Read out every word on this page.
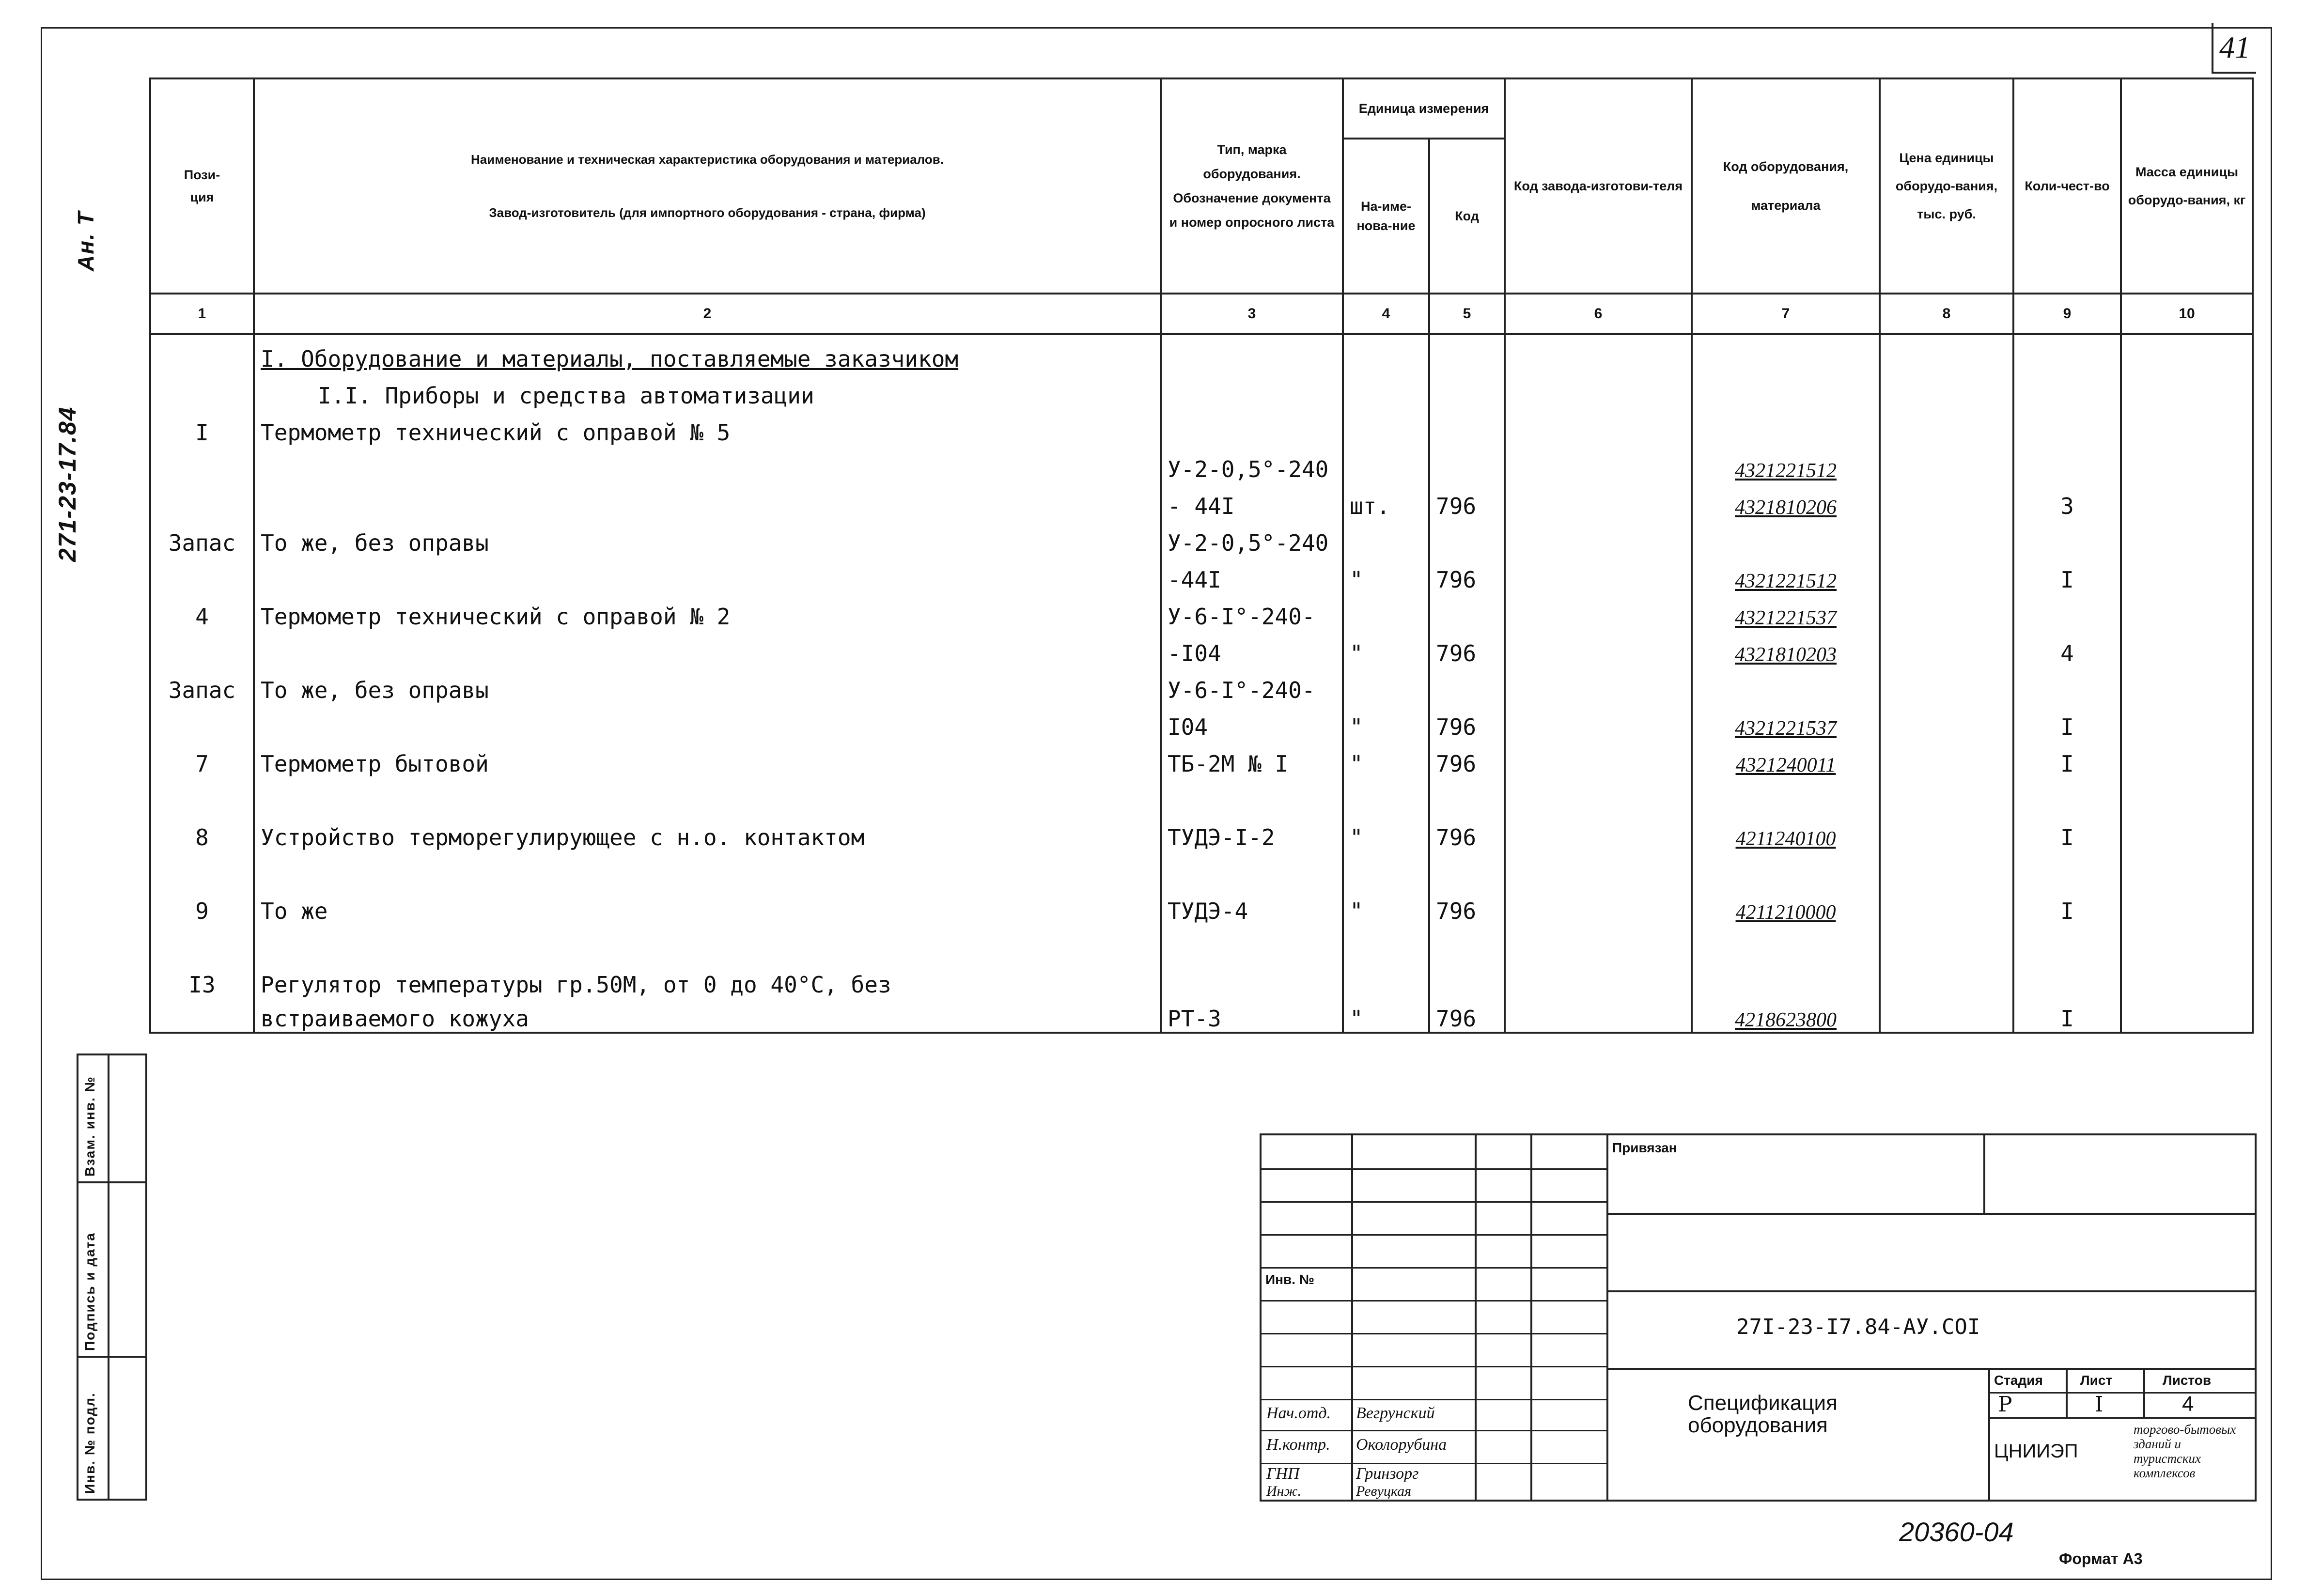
41
Ан. Т
271-23-17.84
Пози-
ция	Наименование и техническая характеристика оборудования и материалов.
Завод-изготовитель (для импортного оборудования - страна, фирма)	Тип, марка оборудования. Обозначение документа и номер опросного листа	Единица измерения		Код завода-изготови-теля	Код оборудования, материала	Цена единицы оборудо-вания, тыс. руб.	Коли-чест-во	Масса единицы оборудо-вания, кг
			На-име-нова-ние	Код					
1	2	3	4	5	6	7	8	9	10
	I. Оборудование и материалы, поставляемые заказчиком								
	I.I. Приборы и средства автоматизации								
I	Термометр технический с оправой № 5								
		У-2-0,5°-240				4321221512			
		- 44I	шт.	796		4321810206		3	
Запас	То же, без оправы	У-2-0,5°-240							
		-44I	"	796		4321221512		I	
4	Термометр технический с оправой № 2	У-6-I°-240-				4321221537			
		-I04	"	796		4321810203		4	
Запас	То же, без оправы	У-6-I°-240-							
		I04	"	796		4321221537		I	
7	Термометр бытовой	ТБ-2М № I	"	796		4321240011		I	

8	Устройство терморегулирующее с н.о. контактом	ТУДЭ-I-2	"	796		4211240100		I	

9	То же	ТУДЭ-4	"	796		4211210000		I	

I3	Регулятор температуры гр.50М, от 0 до 40°С, без								
	встраиваемого кожуха	РТ-3	"	796		4218623800		I	
Инв. № подл.
Подпись и дата
Взам. инв. №
Инв. №
Нач.отд. Вегрунский
Н.контр. Околорубина
ГНП	Гринзорг
Инж.	Ревуцкая
Привязан
27I-23-I7.84-АУ.COI
Спецификация оборудования
Стадия	Лист	Листов
Р	I	4
ЦНИИЭП
торгово-бытовых зданий и туристских комплексов
20360-04
Формат А3
